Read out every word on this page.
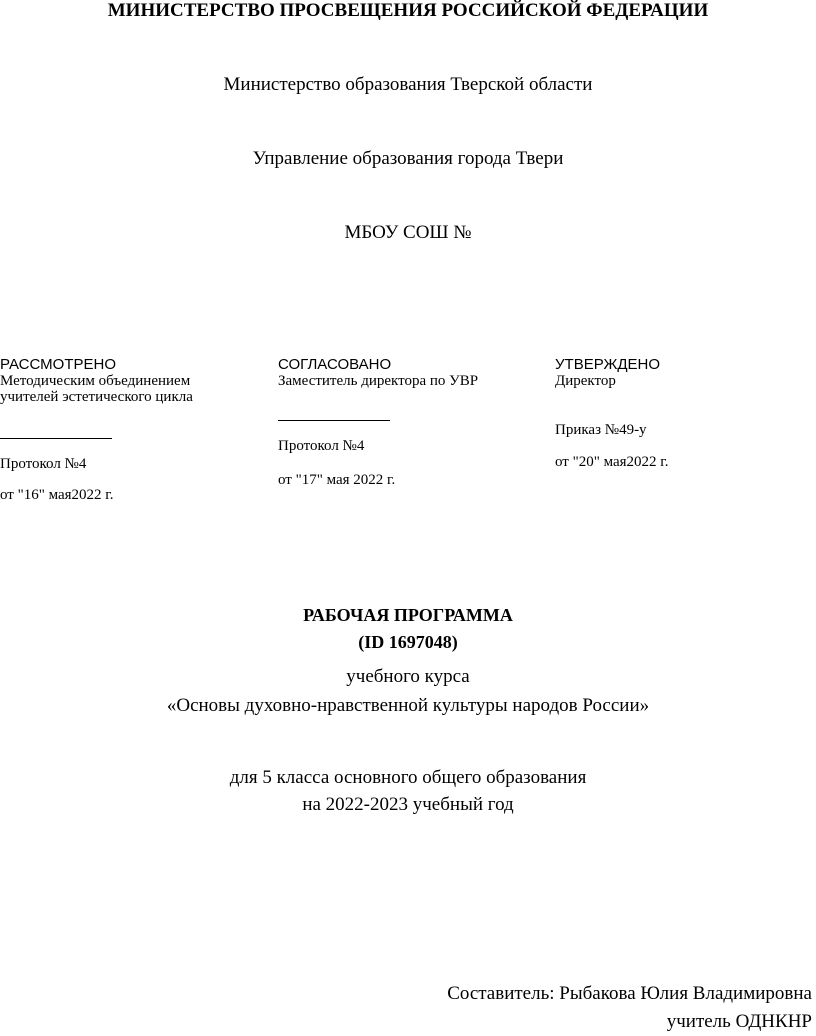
МИНИСТЕРСТВО ПРОСВЕЩЕНИЯ РОССИЙСКОЙ ФЕДЕРАЦИИ
Министерство образования Тверской области
Управление образования города Твери
МБОУ СОШ №
РАССМОТРЕНО
Методическим объединением
учителей эстетического цикла
Протокол №4
от "16" мая2022 г.
СОГЛАСОВАНО
Заместитель директора по УВР
Протокол №4
от "17" мая 2022 г.
УТВЕРЖДЕНО
Директор
Приказ №49-у
от "20" мая2022 г.
РАБОЧАЯ ПРОГРАММА
(ID 1697048)
учебного курса
«Основы духовно-нравственной культуры народов России»
для 5 класса основного общего образования
на 2022-2023 учебный год
Составитель: Рыбакова Юлия Владимировна
учитель ОДНКНР
